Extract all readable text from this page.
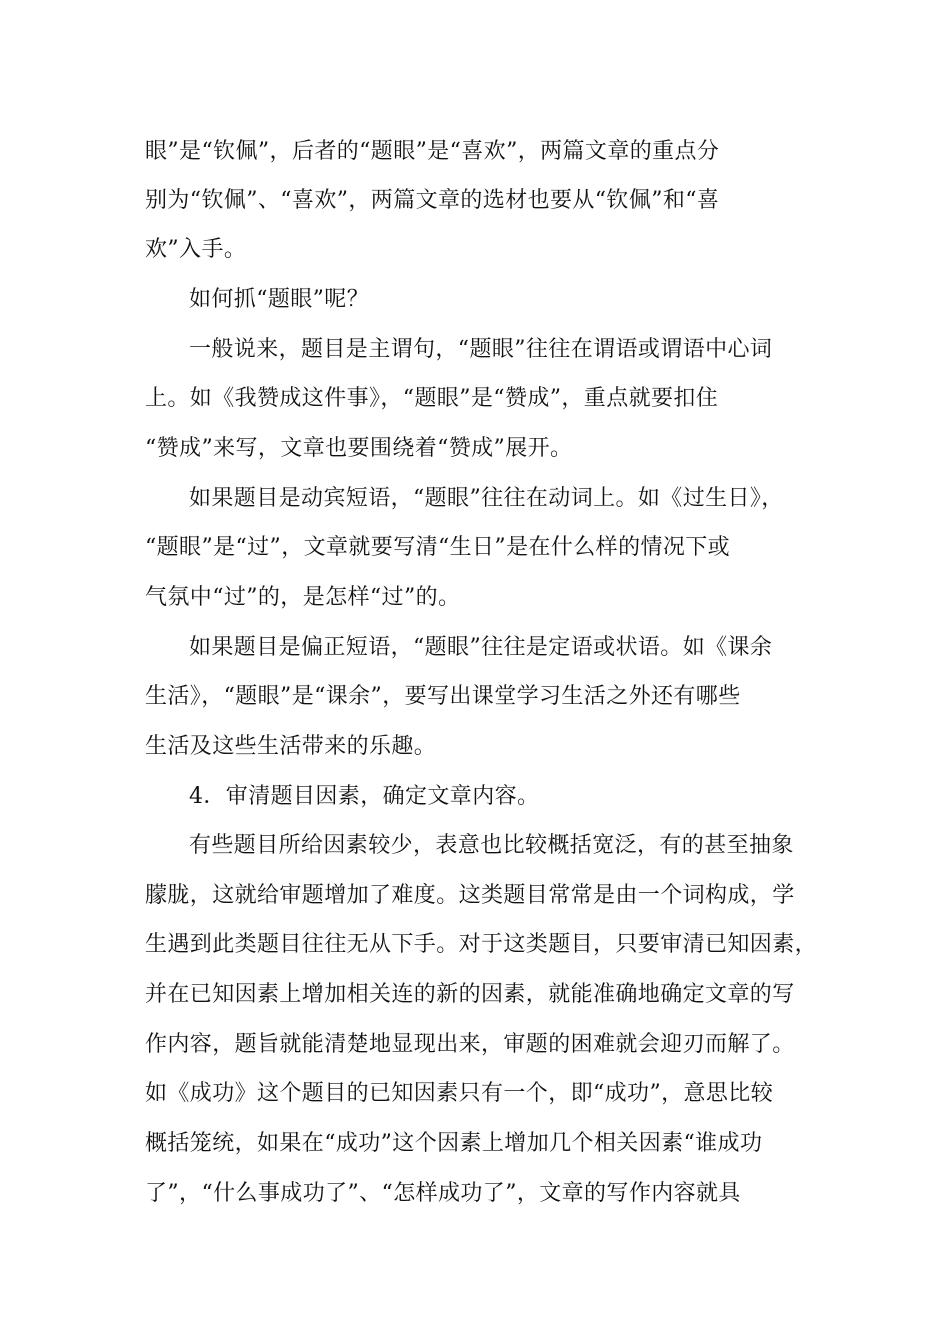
眼”是“钦佩”，后者的“题眼”是“喜欢”，两篇文章的重点分
别为“钦佩”、“喜欢”，两篇文章的选材也要从“钦佩”和“喜
欢”入手。
如何抓“题眼”呢？
一般说来，题目是主谓句，“题眼”往往在谓语或谓语中心词
上。如《我赞成这件事》，“题眼”是“赞成”，重点就要扣住
“赞成”来写，文章也要围绕着“赞成”展开。
如果题目是动宾短语，“题眼”往往在动词上。如《过生日》，
“题眼”是“过”，文章就要写清“生日”是在什么样的情况下或
气氛中“过”的，是怎样“过”的。
如果题目是偏正短语，“题眼”往往是定语或状语。如《课余
生活》，“题眼”是“课余”，要写出课堂学习生活之外还有哪些
生活及这些生活带来的乐趣。
4．审清题目因素，确定文章内容。
有些题目所给因素较少，表意也比较概括宽泛，有的甚至抽象
朦胧，这就给审题增加了难度。这类题目常常是由一个词构成，学
生遇到此类题目往往无从下手。对于这类题目，只要审清已知因素，
并在已知因素上增加相关连的新的因素，就能准确地确定文章的写
作内容，题旨就能清楚地显现出来，审题的困难就会迎刃而解了。
如《成功》这个题目的已知因素只有一个，即“成功”，意思比较
概括笼统，如果在“成功”这个因素上增加几个相关因素“谁成功
了”，“什么事成功了”、“怎样成功了”，文章的写作内容就具
